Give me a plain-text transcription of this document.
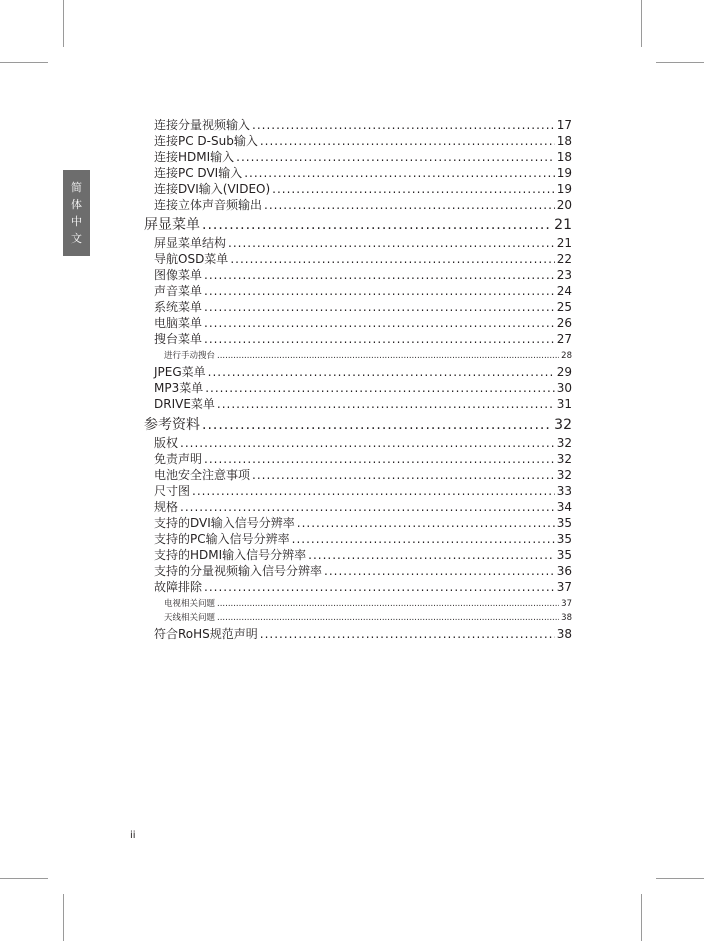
简
体
中
文
连接分量视频输入 .....	17
连接PC D-Sub输入 .....	18
连接HDMI输入 .....	18
连接PC DVI输入 .....	19
连接DVI输入(VIDEO) .....	19
连接立体声音频输出 .....	20
屏显菜单 .....	21
屏显菜单结构 .....	21
导航OSD菜单 .....	22
图像菜单 .....	23
声音菜单 .....	24
系统菜单 .....	25
电脑菜单 .....	26
搜台菜单 .....	27
进行手动搜台 .....	28
JPEG菜单 .....	29
MP3菜单 .....	30
DRIVE菜单 .....	31
参考资料 .....	32
版权 .....	32
免责声明 .....	32
电池安全注意事项 .....	32
尺寸图 .....	33
规格 .....	34
支持的DVI输入信号分辨率 .....	35
支持的PC输入信号分辨率 .....	35
支持的HDMI输入信号分辨率 .....	35
支持的分量视频输入信号分辨率 .....	36
故障排除 .....	37
电视相关问题 .....	37
天线相关问题 .....	38
符合RoHS规范声明 .....	38
ii
